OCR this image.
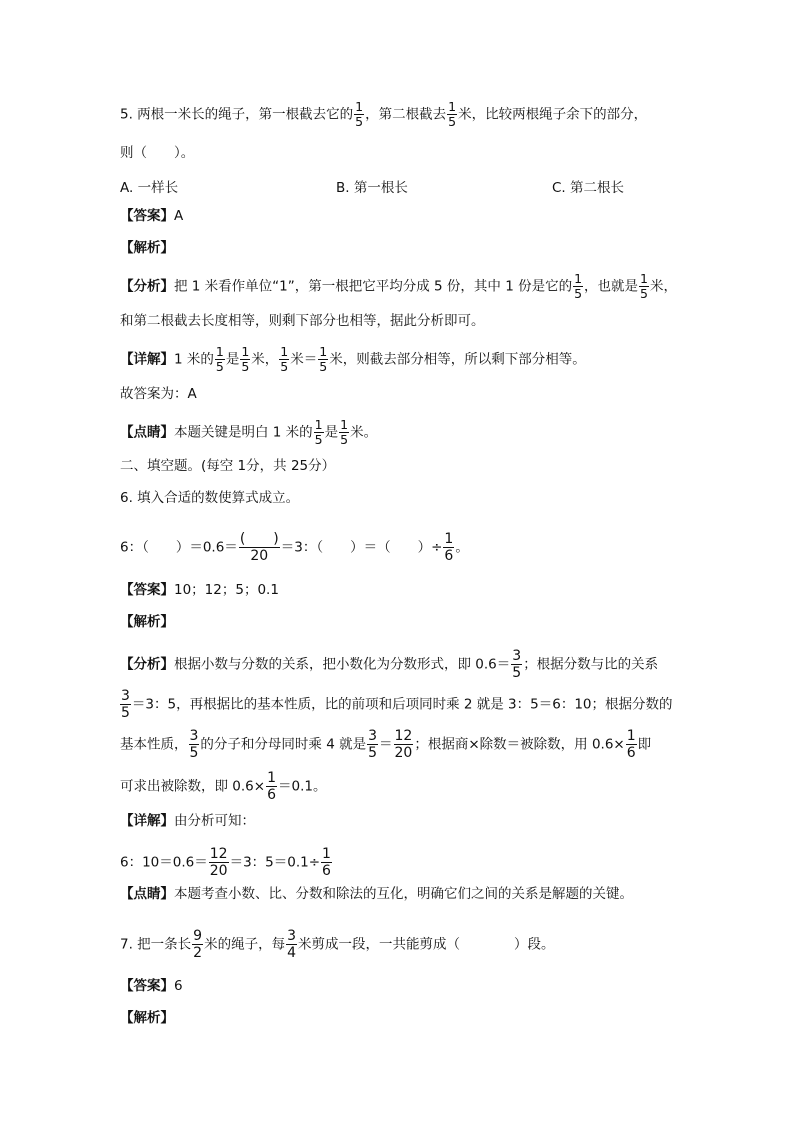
5. 两根一米长的绳子，第一根截去它的 $\frac{1}{5}$ ，第二根截去 $\frac{1}{5}$ 米，比较两根绳子余下的部分，
则（　　）。
A. 一样长	B. 第一根长	C. 第二根长
【答案】A
【解析】
【分析】把 1 米看作单位“1”，第一根把它平均分成 5 份，其中 1 份是它的 $\frac{1}{5}$ ，也就是 $\frac{1}{5}$ 米，
和第二根截去长度相等，则剩下部分也相等，据此分析即可。
【详解】1 米的 $\frac{1}{5}$ 是 $\frac{1}{5}$ 米， $\frac{1}{5}$ 米＝ $\frac{1}{5}$ 米，则截去部分相等，所以剩下部分相等。
故答案为：A
【点睛】本题关键是明白 1 米的 $\frac{1}{5}$ 是 $\frac{1}{5}$ 米。
二、填空题。(每空 1分，共 25分）
6. 填入合适的数使算式成立。
6：（　　）$=0.6= \frac{( )}{20} =3$：（　　）＝（　　）÷ $\frac{1}{6}$ 。
【答案】10；12；5；0.1
【解析】
【分析】根据小数与分数的关系，把小数化为分数形式，即 $0.6= \frac{3}{5}$ ；根据分数与比的关系
$\frac{3}{5} =3$：5，再根据比的基本性质，比的前项和后项同时乘 2 就是 3：5＝6：10；根据分数的
基本性质， $\frac{3}{5}$ 的分子和分母同时乘 4 就是 $\frac{3}{5} = \frac{12}{20}$ ；根据商×除数＝被除数，用 $0.6\times \frac{1}{6}$ 即
可求出被除数，即 $0.6\times \frac{1}{6} =0.1$。
【详解】由分析可知：
6：$10=0.6= \frac{12}{20} =3$：$5=0.1\div \frac{1}{6}$
【点睛】本题考查小数、比、分数和除法的互化，明确它们之间的关系是解题的关键。
7. 把一条长 $\frac{9}{2}$ 米的绳子，每 $\frac{3}{4}$ 米剪成一段，一共能剪成（　　　　）段。
【答案】6
【解析】
